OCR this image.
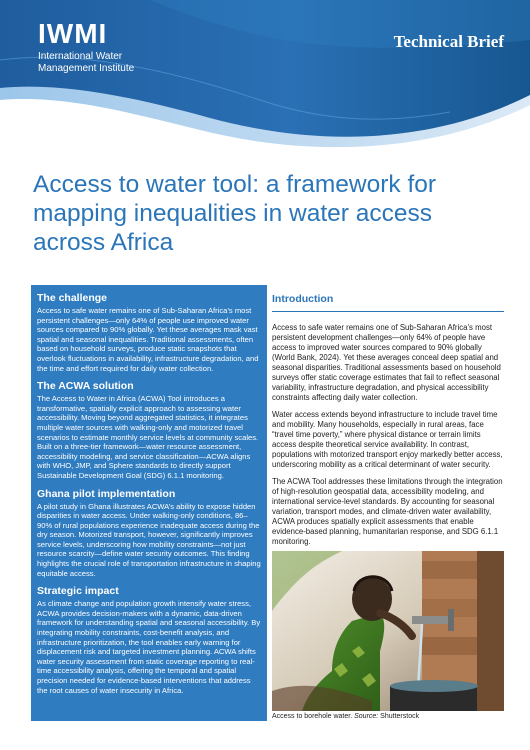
IWMI
International Water
Management Institute
Technical Brief
Access to water tool: a framework for mapping inequalities in water access across Africa
The challenge

Access to safe water remains one of Sub-Saharan Africa’s most persistent challenges—only 64% of people use improved water sources compared to 90% globally. Yet these averages mask vast spatial and seasonal inequalities. Traditional assessments, often based on household surveys, produce static snapshots that overlook fluctuations in availability, infrastructure degradation, and the time and effort required for daily water collection.

The ACWA solution

The Access to Water in Africa (ACWA) Tool introduces a transformative, spatially explicit approach to assessing water accessibility. Moving beyond aggregated statistics, it integrates multiple water sources with walking-only and motorized travel scenarios to estimate monthly service levels at community scales. Built on a three-tier framework—water resource assessment, accessibility modeling, and service classification—ACWA aligns with WHO, JMP, and Sphere standards to directly support Sustainable Development Goal (SDG) 6.1.1 monitoring.

Ghana pilot implementation

A pilot study in Ghana illustrates ACWA’s ability to expose hidden disparities in water access. Under walking-only conditions, 86–90% of rural populations experience inadequate access during the dry season. Motorized transport, however, significantly improves service levels, underscoring how mobility constraints—not just resource scarcity—define water security outcomes. This finding highlights the crucial role of transportation infrastructure in shaping equitable access.

Strategic impact

As climate change and population growth intensify water stress, ACWA provides decision-makers with a dynamic, data-driven framework for understanding spatial and seasonal accessibility. By integrating mobility constraints, cost-benefit analysis, and infrastructure prioritization, the tool enables early warning for displacement risk and targeted investment planning. ACWA shifts water security assessment from static coverage reporting to real-time accessibility analysis, offering the temporal and spatial precision needed for evidence-based interventions that address the root causes of water insecurity in Africa.

Introduction

Access to safe water remains one of Sub-Saharan Africa’s most persistent development challenges—only 64% of people have access to improved water sources compared to 90% globally (World Bank, 2024). Yet these averages conceal deep spatial and seasonal disparities. Traditional assessments based on household surveys offer static coverage estimates that fail to reflect seasonal variability, infrastructure degradation, and physical accessibility constraints affecting daily water collection.

Water access extends beyond infrastructure to include travel time and mobility. Many households, especially in rural areas, face “travel time poverty,” where physical distance or terrain limits access despite theoretical service availability. In contrast, populations with motorized transport enjoy markedly better access, underscoring mobility as a critical determinant of water security.

The ACWA Tool addresses these limitations through the integration of high-resolution geospatial data, accessibility modeling, and international service-level standards. By accounting for seasonal variation, transport modes, and climate-driven water availability, ACWA produces spatially explicit assessments that enable evidence-based planning, humanitarian response, and SDG 6.1.1 monitoring.

Access to borehole water. Source: Shutterstock
